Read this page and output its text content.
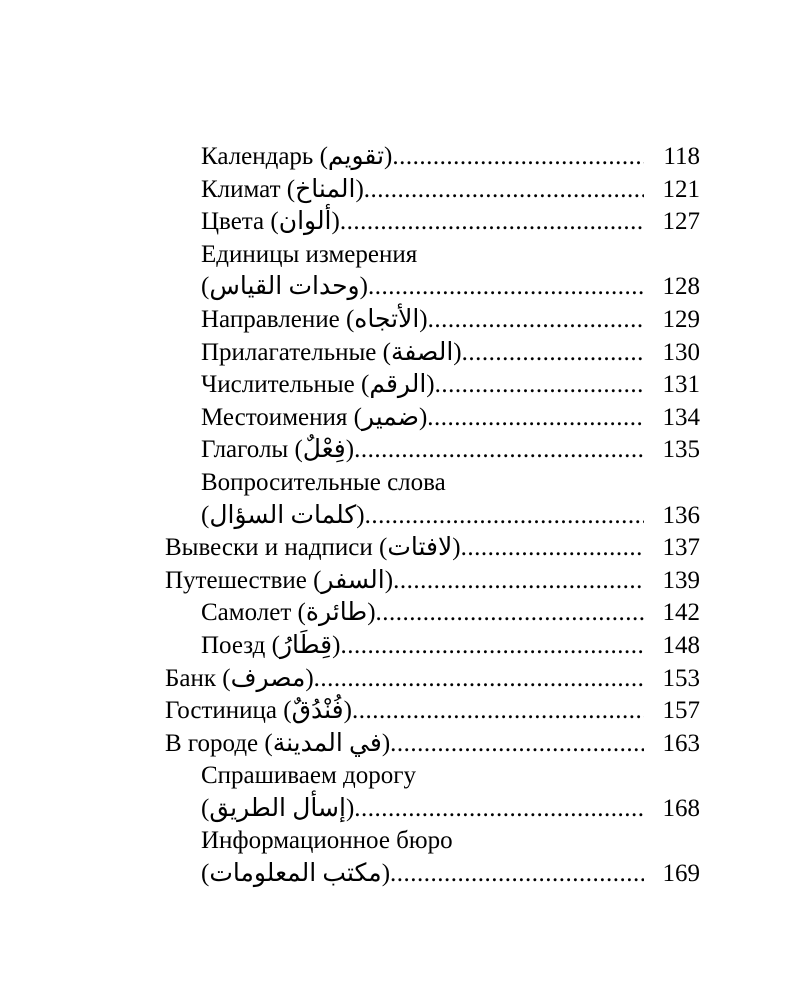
Календарь (تقويم) .....	118
Климат (المناخ) .....	121
Цвета (ألوان) .....	127
Единицы измерения
(وحدات القياس) .....	128
Направление (الأتجاه) .....	129
Прилагательные (الصفة) .....	130
Числительные (الرقم) .....	131
Местоимения (ضمير) .....	134
Глаголы (فِعْلٌ) .....	135
Вопросительные слова
(كلمات السؤال) .....	136
Вывески и надписи (لافتات) .....	137
Путешествие (السفر) .....	139
Самолет (طائرة) .....	142
Поезд (قِطَارُ) .....	148
Банк (مصرف) .....	153
Гостиница (فُنْدُقٌ) .....	157
В городе (في المدينة) .....	163
Спрашиваем дорогу
(إسأل الطريق) .....	168
Информационное бюро
(مكتب المعلومات) .....	169
